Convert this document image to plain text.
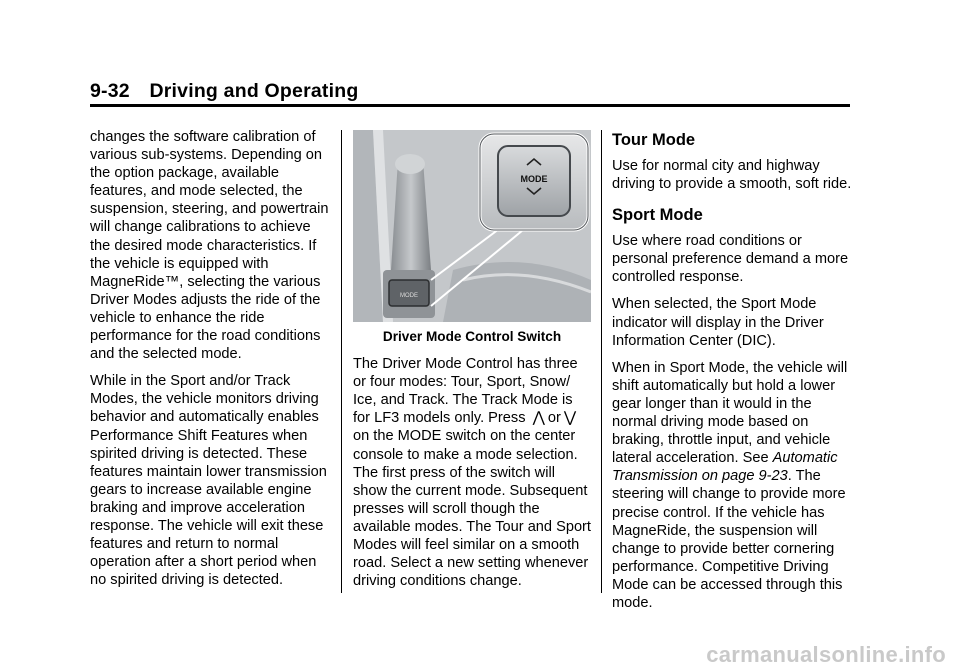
9-32 Driving and Operating

changes the software calibration of various sub-systems. Depending on the option package, available features, and mode selected, the suspension, steering, and powertrain will change calibrations to achieve the desired mode characteristics. If the vehicle is equipped with MagneRide™, selecting the various Driver Modes adjusts the ride of the vehicle to enhance the ride performance for the road conditions and the selected mode.

While in the Sport and/or Track Modes, the vehicle monitors driving behavior and automatically enables Performance Shift Features when spirited driving is detected. These features maintain lower transmission gears to increase available engine braking and improve acceleration response. The vehicle will exit these features and return to normal operation after a short period when no spirited driving is detected.

MODE
MODE
Driver Mode Control Switch

The Driver Mode Control has three or four modes: Tour, Sport, Snow/ Ice, and Track. The Track Mode is for LF3 models only. Press ⋀ or ⋁ on the MODE switch on the center console to make a mode selection. The first press of the switch will show the current mode. Subsequent presses will scroll though the available modes. The Tour and Sport Modes will feel similar on a smooth road. Select a new setting whenever driving conditions change.

Tour Mode

Use for normal city and highway driving to provide a smooth, soft ride.

Sport Mode

Use where road conditions or personal preference demand a more controlled response.

When selected, the Sport Mode indicator will display in the Driver Information Center (DIC).

When in Sport Mode, the vehicle will shift automatically but hold a lower gear longer than it would in the normal driving mode based on braking, throttle input, and vehicle lateral acceleration. See Automatic Transmission on page 9-23. The steering will change to provide more precise control. If the vehicle has MagneRide, the suspension will change to provide better cornering performance. Competitive Driving Mode can be accessed through this mode.

carmanualsonline.info
